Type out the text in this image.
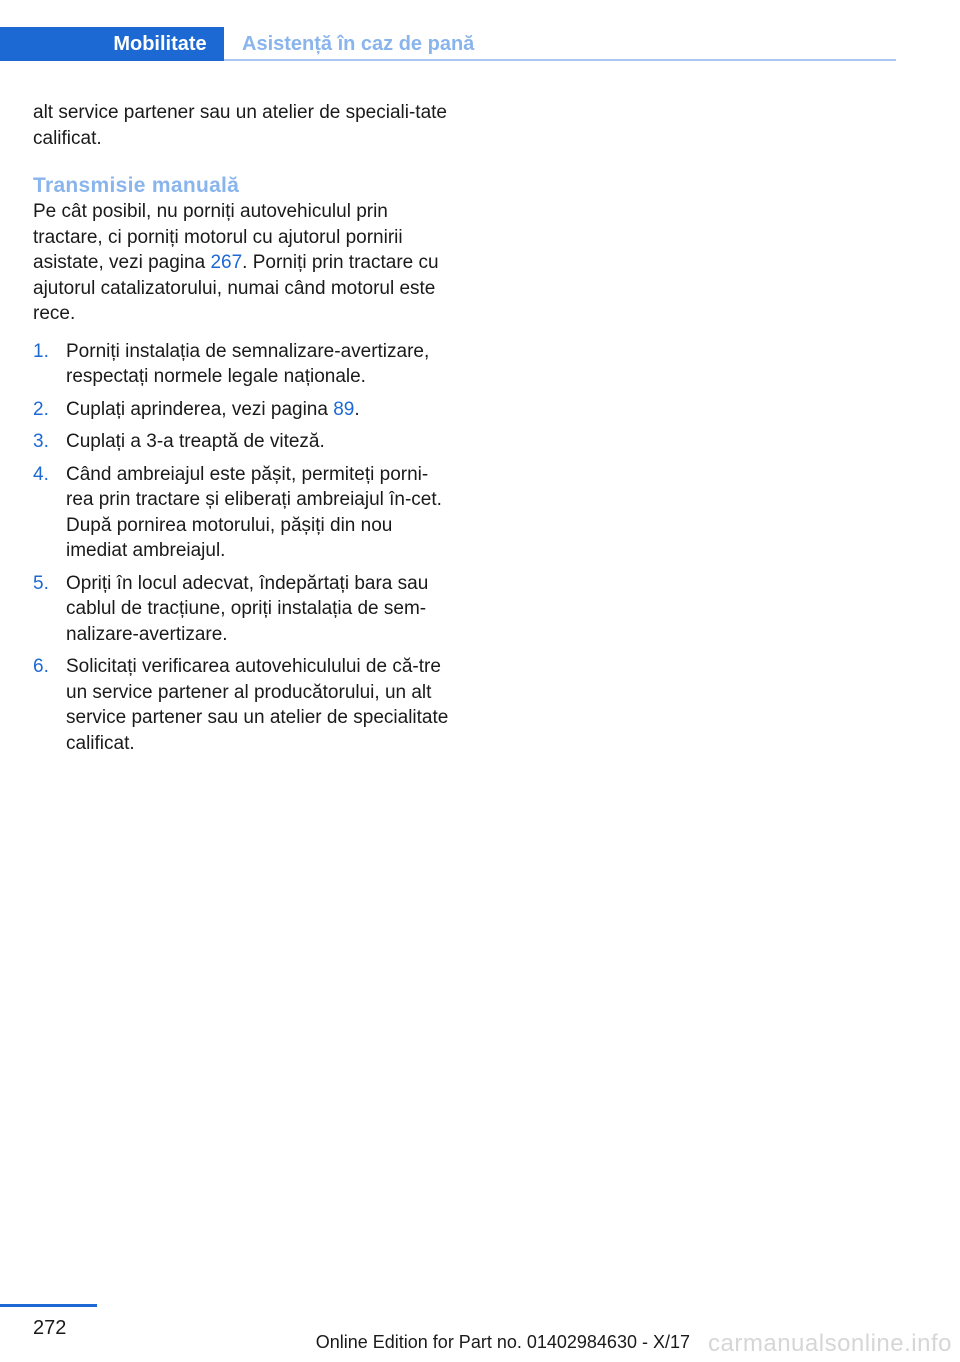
Mobilitate	Asistență în caz de pană

alt service partener sau un atelier de speciali-tate calificat.

Transmisie manuală

Pe cât posibil, nu porniți autovehiculul prin tractare, ci porniți motorul cu ajutorul pornirii asistate, vezi pagina 267. Porniți prin tractare cu ajutorul catalizatorului, numai când motorul este rece.

1. Porniți instalația de semnalizare-avertizare, respectați normele legale naționale.
2. Cuplați aprinderea, vezi pagina 89.
3. Cuplați a 3-a treaptă de viteză.
4. Când ambreiajul este pășit, permiteți porni-rea prin tractare și eliberați ambreiajul în-cet. După pornirea motorului, pășiți din nou imediat ambreiajul.
5. Opriți în locul adecvat, îndepărtați bara sau cablul de tracțiune, opriți instalația de sem-nalizare-avertizare.
6. Solicitați verificarea autovehiculului de că-tre un service partener al producătorului, un alt service partener sau un atelier de specialitate calificat.
272
Online Edition for Part no. 01402984630 - X/17 carmanualsonline.info
